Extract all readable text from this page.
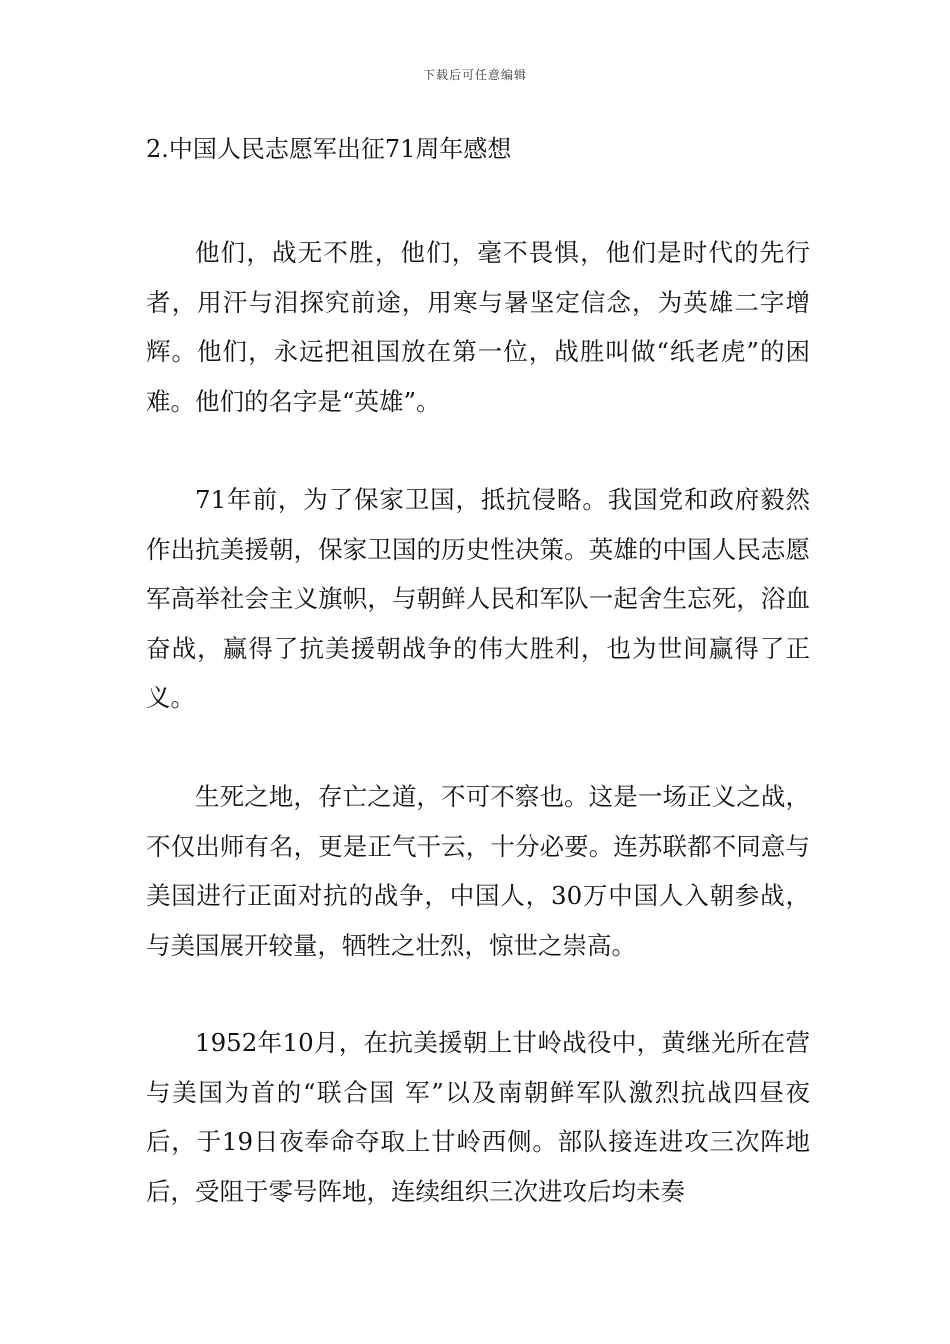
下载后可任意编辑
2.中国人民志愿军出征71周年感想

他们，战无不胜，他们，毫不畏惧，他们是时代的先行者，用汗与泪探究前途，用寒与暑坚定信念，为英雄二字增辉。他们，永远把祖国放在第一位，战胜叫做“纸老虎”的困难。他们的名字是“英雄”。

71年前，为了保家卫国，抵抗侵略。我国党和政府毅然作出抗美援朝，保家卫国的历史性决策。英雄的中国人民志愿军高举社会主义旗帜，与朝鲜人民和军队一起舍生忘死，浴血奋战，赢得了抗美援朝战争的伟大胜利，也为世间赢得了正义。

生死之地，存亡之道，不可不察也。这是一场正义之战，不仅出师有名，更是正气干云，十分必要。连苏联都不同意与美国进行正面对抗的战争，中国人，30万中国人入朝参战，与美国展开较量，牺牲之壮烈，惊世之崇高。

1952年10月，在抗美援朝上甘岭战役中，黄继光所在营与美国为首的“联合国 军”以及南朝鲜军队激烈抗战四昼夜后，于19日夜奉命夺取上甘岭西侧。部队接连进攻三次阵地后，受阻于零号阵地，连续组织三次进攻后均未奏
